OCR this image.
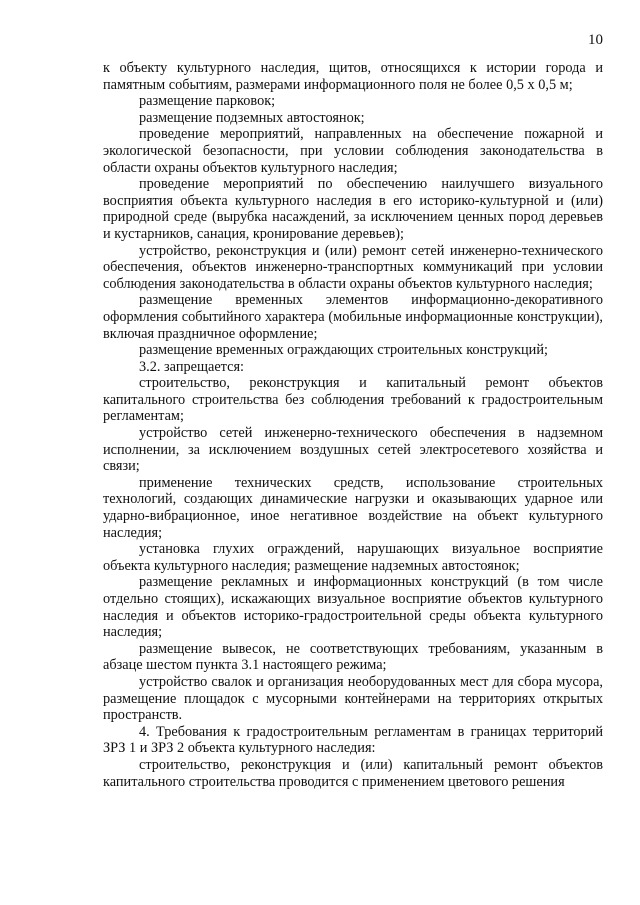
10

к объекту культурного наследия, щитов, относящихся к истории города и памятным событиям, размерами информационного поля не более 0,5 х 0,5 м;

размещение парковок;

размещение подземных автостоянок;

проведение мероприятий, направленных на обеспечение пожарной и экологической безопасности, при условии соблюдения законодательства в области охраны объектов культурного наследия;

проведение мероприятий по обеспечению наилучшего визуального восприятия объекта культурного наследия в его историко-культурной и (или) природной среде (вырубка насаждений, за исключением ценных пород деревьев и кустарников, санация, кронирование деревьев);

устройство, реконструкция и (или) ремонт сетей инженерно-технического обеспечения, объектов инженерно-транспортных коммуникаций при условии соблюдения законодательства в области охраны объектов культурного наследия;

размещение временных элементов информационно-декоративного оформления событийного характера (мобильные информационные конструкции), включая праздничное оформление;

размещение временных ограждающих строительных конструкций;

3.2. запрещается:

строительство, реконструкция и капитальный ремонт объектов капитального строительства без соблюдения требований к градостроительным регламентам;

устройство сетей инженерно-технического обеспечения в надземном исполнении, за исключением воздушных сетей электросетевого хозяйства и связи;

применение технических средств, использование строительных технологий, создающих динамические нагрузки и оказывающих ударное или ударно-вибрационное, иное негативное воздействие на объект культурного наследия;

установка глухих ограждений, нарушающих визуальное восприятие объекта культурного наследия; размещение надземных автостоянок;

размещение рекламных и информационных конструкций (в том числе отдельно стоящих), искажающих визуальное восприятие объектов культурного наследия и объектов историко-градостроительной среды объекта культурного наследия;

размещение вывесок, не соответствующих требованиям, указанным в абзаце шестом пункта 3.1 настоящего режима;

устройство свалок и организация необорудованных мест для сбора мусора, размещение площадок с мусорными контейнерами на территориях открытых пространств.

4. Требования к градостроительным регламентам в границах территорий ЗРЗ 1 и ЗРЗ 2 объекта культурного наследия:

строительство, реконструкция и (или) капитальный ремонт объектов капитального строительства проводится с применением цветового решения
